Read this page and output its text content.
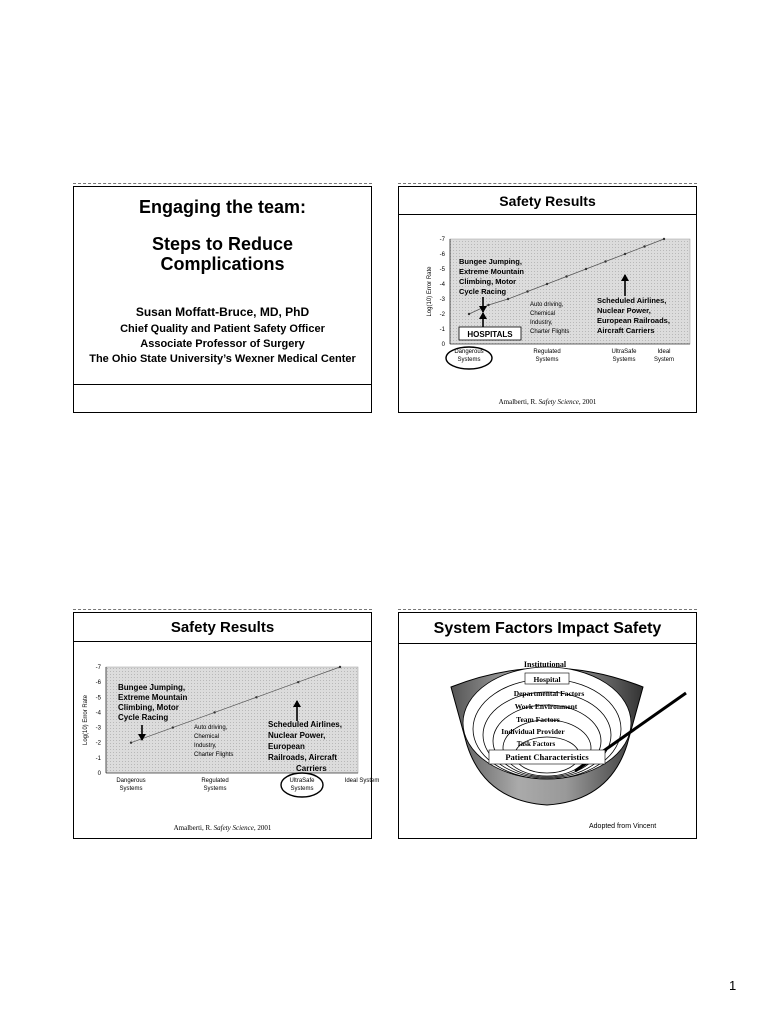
Engaging the team:
Steps to Reduce
Complications
Susan Moffatt-Bruce, MD, PhD
Chief Quality and Patient Safety Officer
Associate Professor of Surgery
The Ohio State University’s Wexner Medical Center
Safety Results
-7
-6
-5
-4
-3
-2
-1
0
Log(10) Error Rate
Dangerous
Systems
Regulated
Systems
UltraSafe
Systems
Ideal
System
Bungee Jumping,
Extreme Mountain
Climbing, Motor
Cycle Racing
Auto driving,
Chemical
Industry,
Charter Flights
Scheduled Airlines,
Nuclear Power,
European Railroads,
Aircraft Carriers
HOSPITALS
Amalberti, R. Safety Science, 2001
Safety Results
-7
-6
-5
-4
-3
-2
-1
0
Log(10) Error Rate
Dangerous
Systems
Regulated
Systems
UltraSafe
Systems
Ideal System
Bungee Jumping,
Extreme Mountain
Climbing, Motor
Cycle Racing
Auto driving,
Chemical
Industry,
Charter Flights
Scheduled Airlines,
Nuclear Power,
European
Railroads, Aircraft
Carriers
Amalberti, R. Safety Science, 2001
System Factors Impact Safety
Institutional
Hospital
Departmental Factors
Work Environment
Team Factors
Individual Provider
Task Factors
Patient Characteristics
Adopted from Vincent
1
